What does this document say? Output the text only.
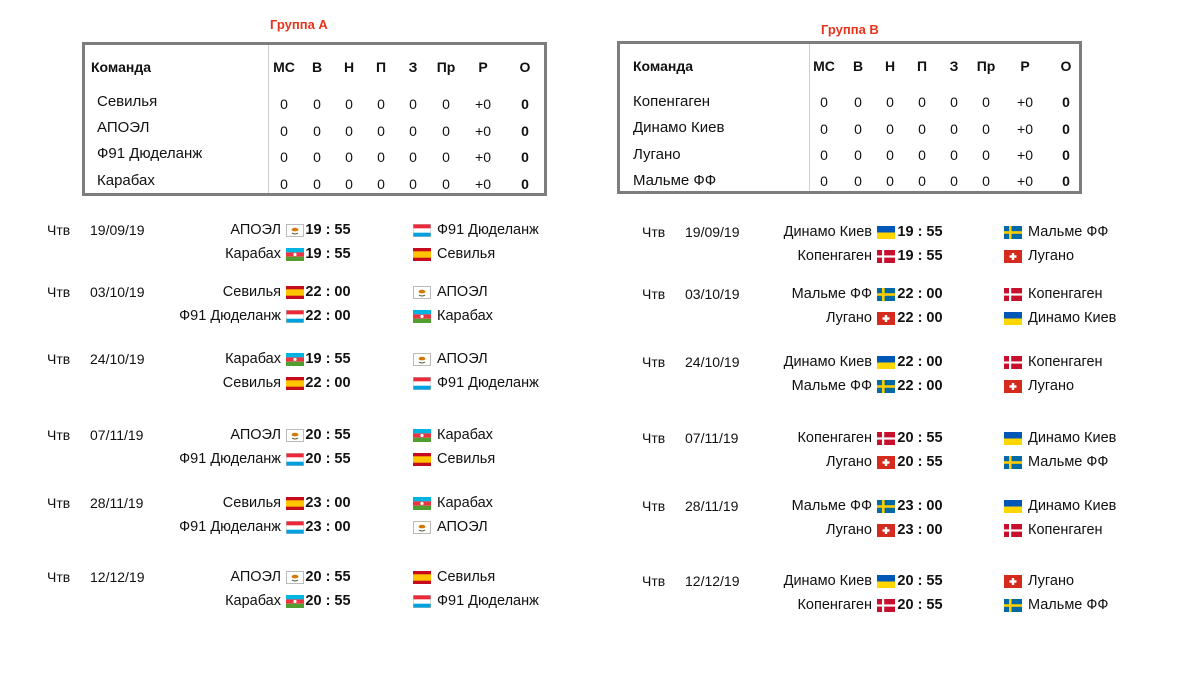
Группа A
Команда	МС В Н П З Пр Р О
Севилья	0 0 0 0 0 0 +0 0
АПОЭЛ	0 0 0 0 0 0 +0 0
Ф91 Дюделанж	0 0 0 0 0 0 +0 0
Карабах	0 0 0 0 0 0 +0 0
Чтв 19/09/19	АПОЭЛ	19 : 55	Ф91 Дюделанж
Карабах	19 : 55	Севилья
Чтв 03/10/19	Севилья	22 : 00	АПОЭЛ
Ф91 Дюделанж	22 : 00	Карабах
Чтв 24/10/19	Карабах	19 : 55	АПОЭЛ
Севилья	22 : 00	Ф91 Дюделанж
Чтв 07/11/19	АПОЭЛ	20 : 55	Карабах
Ф91 Дюделанж	20 : 55	Севилья
Чтв 28/11/19	Севилья	23 : 00	Карабах
Ф91 Дюделанж	23 : 00	АПОЭЛ
Чтв 12/12/19	АПОЭЛ	20 : 55	Севилья
Карабах	20 : 55	Ф91 Дюделанж
Группа B
Команда	МС В Н П З Пр Р О
Копенгаген	0 0 0 0 0 0 +0 0
Динамо Киев	0 0 0 0 0 0 +0 0
Лугано	0 0 0 0 0 0 +0 0
Мальме ФФ	0 0 0 0 0 0 +0 0
Чтв 19/09/19	Динамо Киев	19 : 55	Мальме ФФ
Копенгаген	19 : 55	Лугано
Чтв 03/10/19	Мальме ФФ	22 : 00	Копенгаген
Лугано	22 : 00	Динамо Киев
Чтв 24/10/19	Динамо Киев	22 : 00	Копенгаген
Мальме ФФ	22 : 00	Лугано
Чтв 07/11/19	Копенгаген	20 : 55	Динамо Киев
Лугано	20 : 55	Мальме ФФ
Чтв 28/11/19	Мальме ФФ	23 : 00	Динамо Киев
Лугано	23 : 00	Копенгаген
Чтв 12/12/19	Динамо Киев	20 : 55	Лугано
Копенгаген	20 : 55	Мальме ФФ
